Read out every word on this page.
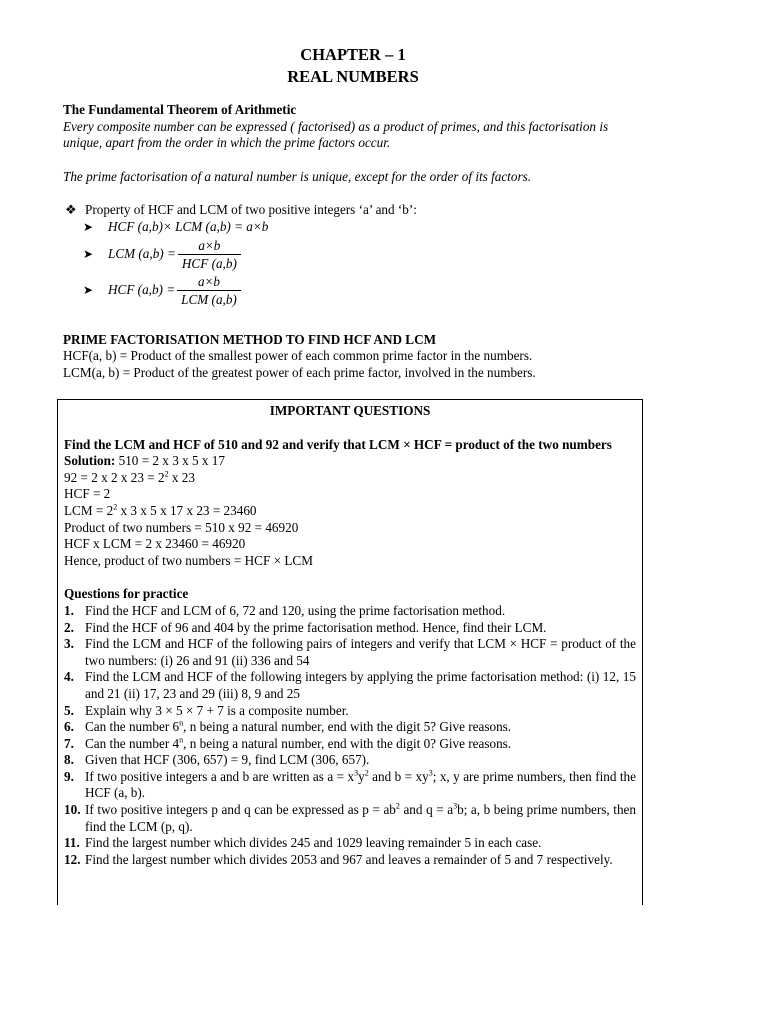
CHAPTER – 1
REAL NUMBERS
The Fundamental Theorem of Arithmetic
Every composite number can be expressed ( factorised) as a product of primes, and this factorisation is unique, apart from the order in which the prime factors occur.
The prime factorisation of a natural number is unique, except for the order of its factors.
❖ Property of HCF and LCM of two positive integers ‘a’ and ‘b’:
➤	HCF (a,b)× LCM (a,b) = a×b
➤	LCM $(a,b) = \frac{a\times b}{\text{HCF (a,b)}}$
➤	HCF $(a,b) = \frac{a\times b}{\text{LCM (a,b)}}$
PRIME FACTORISATION METHOD TO FIND HCF AND LCM
HCF(a, b) = Product of the smallest power of each common prime factor in the numbers.
LCM(a, b) = Product of the greatest power of each prime factor, involved in the numbers.
IMPORTANT QUESTIONS
Find the LCM and HCF of 510 and 92 and verify that LCM × HCF = product of the two numbers
Solution: 510 = 2 x 3 x 5 x 17
92 = 2 x 2 x $23 = 2^2$ x 23
HCF = 2
LCM = $2^2$ x 3 x 5 x 17 x 23 = 23460
Product of two numbers = 510 x 92 = 46920
HCF x LCM = 2 x 23460 = 46920
Hence, product of two numbers = HCF × LCM
Questions for practice
1. Find the HCF and LCM of 6, 72 and 120, using the prime factorisation method.
2. Find the HCF of 96 and 404 by the prime factorisation method. Hence, find their LCM.
3. Find the LCM and HCF of the following pairs of integers and verify that LCM × HCF = product of the two numbers: (i) 26 and 91 (ii) 336 and 54
4. Find the LCM and HCF of the following integers by applying the prime factorisation method: (i) 12, 15 and 21 (ii) 17, 23 and 29 (iii) 8, 9 and 25
5. Explain why 3 × 5 × 7 + 7 is a composite number.
6. Can the number 6$^n$, n being a natural number, end with the digit 5? Give reasons.
7. Can the number 4$^n$, n being a natural number, end with the digit 0? Give reasons.
8. Given that HCF (306, 657) = 9, find LCM (306, 657).
9. If two positive integers a and b are written as $a = x^3y^2$ and $b = xy^3$; x, y are prime numbers, then find the HCF (a, b).
10. If two positive integers p and q can be expressed as $p = ab^2$ and $q = a^3b$; a, b being prime numbers, then find the LCM (p, q).
11. Find the largest number which divides 245 and 1029 leaving remainder 5 in each case.
12. Find the largest number which divides 2053 and 967 and leaves a remainder of 5 and 7 respectively.
